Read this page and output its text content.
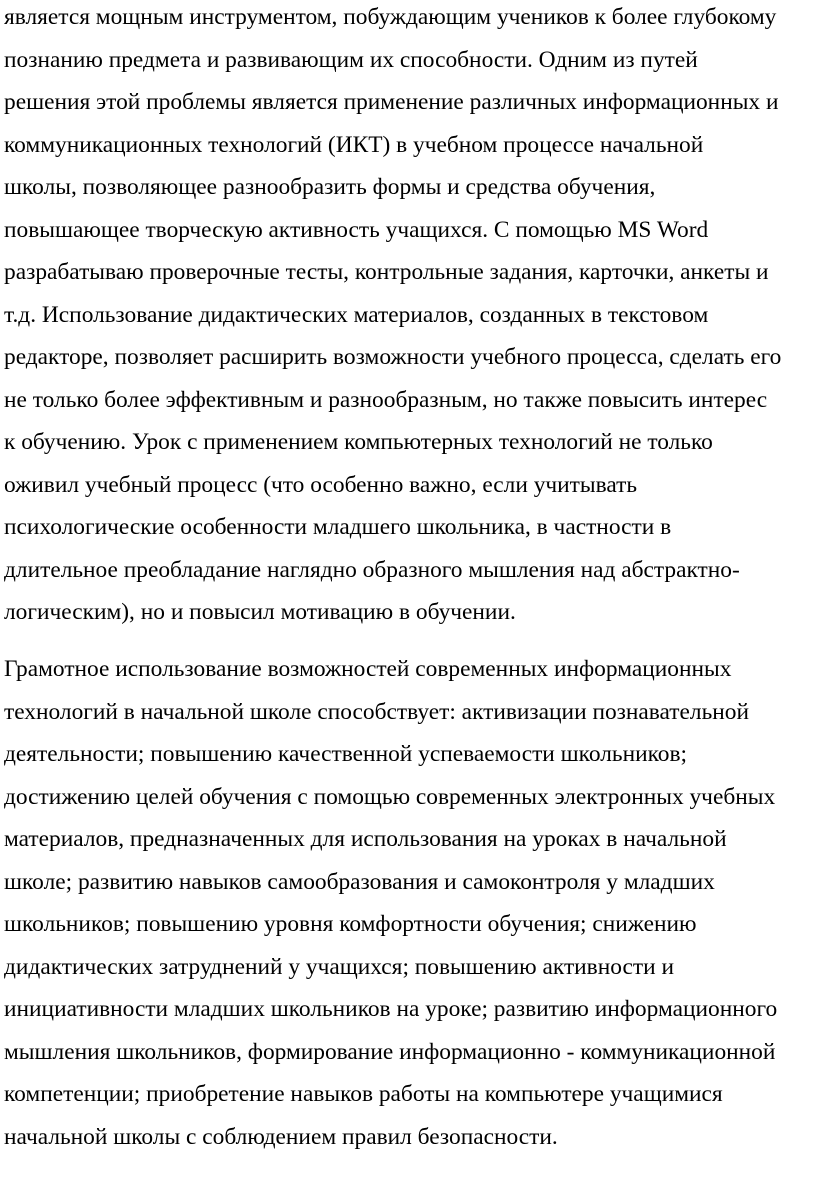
является мощным инструментом, побуждающим учеников к более глубокому
познанию предмета и развивающим их способности. Одним из путей
решения этой проблемы является применение различных информационных и
коммуникационных технологий (ИКТ) в учебном процессе начальной
школы, позволяющее разнообразить формы и средства обучения,
повышающее творческую активность учащихся. С помощью MS Word
разрабатываю проверочные тесты, контрольные задания, карточки, анкеты и
т.д. Использование дидактических материалов, созданных в текстовом
редакторе, позволяет расширить возможности учебного процесса, сделать его
не только более эффективным и разнообразным, но также повысить интерес
к обучению. Урок с применением компьютерных технологий не только
оживил учебный процесс (что особенно важно, если учитывать
психологические особенности младшего школьника, в частности в
длительное преобладание наглядно образного мышления над абстрактно-
логическим), но и повысил мотивацию в обучении.

Грамотное использование возможностей современных информационных
технологий в начальной школе способствует: активизации познавательной
деятельности; повышению качественной успеваемости школьников;
достижению целей обучения с помощью современных электронных учебных
материалов, предназначенных для использования на уроках в начальной
школе; развитию навыков самообразования и самоконтроля у младших
школьников; повышению уровня комфортности обучения; снижению
дидактических затруднений у учащихся; повышению активности и
инициативности младших школьников на уроке; развитию информационного
мышления школьников, формирование информационно - коммуникационной
компетенции; приобретение навыков работы на компьютере учащимися
начальной школы с соблюдением правил безопасности.
